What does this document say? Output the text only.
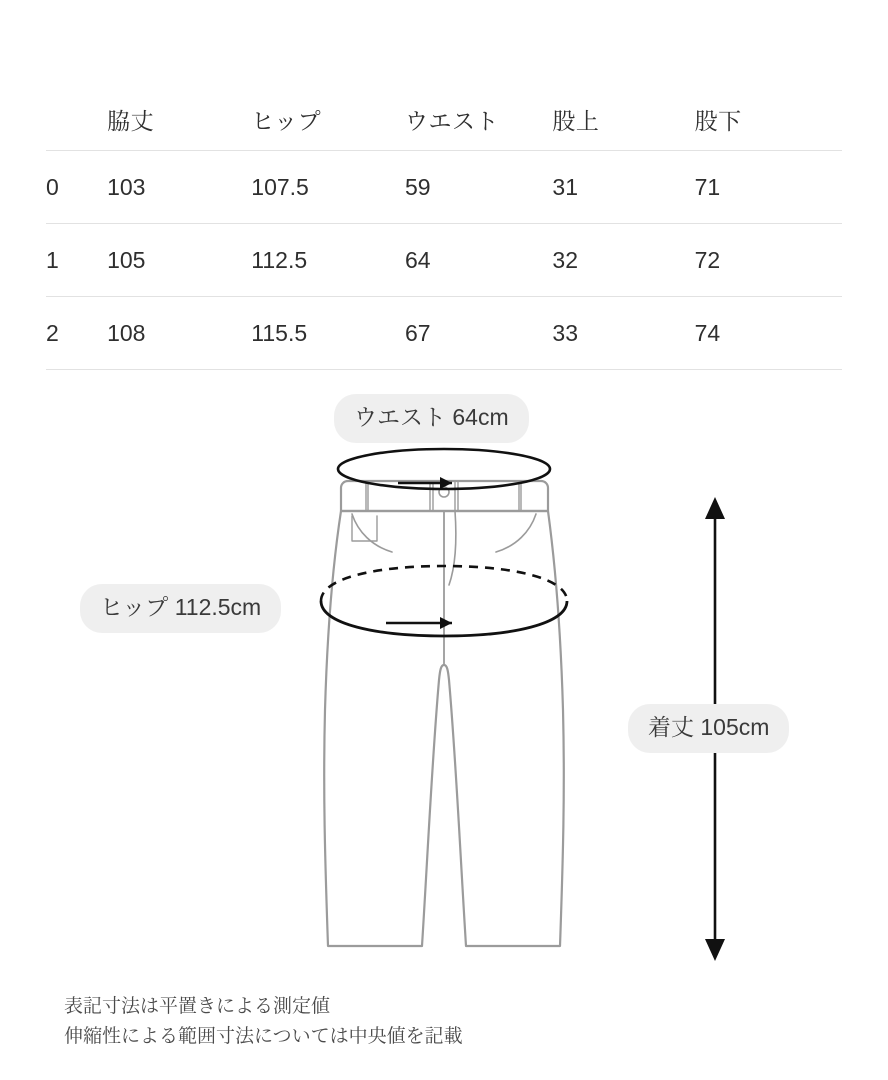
	脇丈	ヒップ	ウエスト	股上	股下
0	103	107.5	59	31	71
1	105	112.5	64	32	72
2	108	115.5	67	33	74
ウエスト 64cm
ヒップ 112.5cm
着丈 105cm
表記寸法は平置きによる測定値
伸縮性による範囲寸法については中央値を記載
